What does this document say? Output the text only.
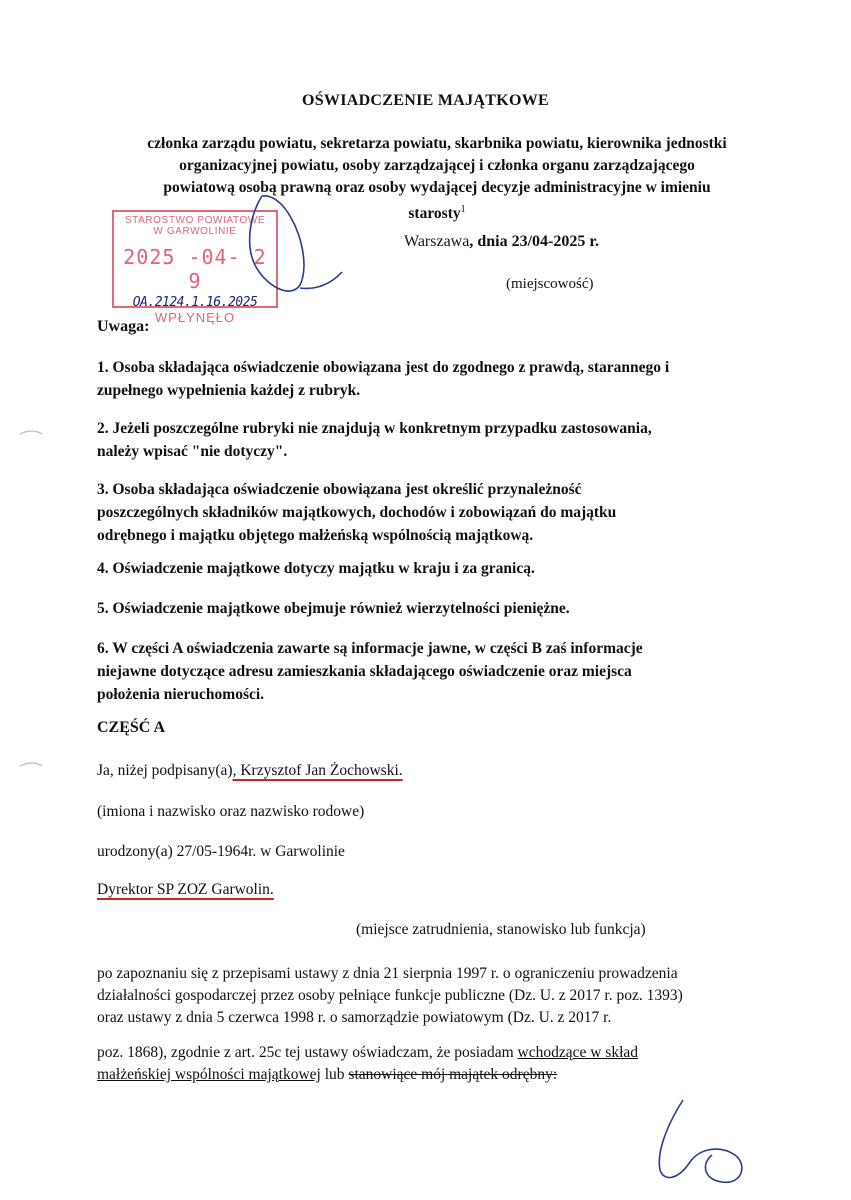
OŚWIADCZENIE MAJĄTKOWE
członka zarządu powiatu, sekretarza powiatu, skarbnika powiatu, kierownika jednostki
organizacyjnej powiatu, osoby zarządzającej i członka organu zarządzającego
powiatową osobą prawną oraz osoby wydającej decyzje administracyjne w imieniu
starosty$^1$
Warszawa, dnia 23/04-2025 r.
(miejscowość)
STAROSTWO POWIATOWE
W GARWOLINIE
2025 -04- 2 9
OA.2124.1.16.2025
WPŁYNĘŁO
Uwaga:
1. Osoba składająca oświadczenie obowiązana jest do zgodnego z prawdą, starannego i
zupełnego wypełnienia każdej z rubryk.
2. Jeżeli poszczególne rubryki nie znajdują w konkretnym przypadku zastosowania,
należy wpisać "nie dotyczy".
3. Osoba składająca oświadczenie obowiązana jest określić przynależność
poszczególnych składników majątkowych, dochodów i zobowiązań do majątku
odrębnego i majątku objętego małżeńską wspólnością majątkową.
4. Oświadczenie majątkowe dotyczy majątku w kraju i za granicą.
5. Oświadczenie majątkowe obejmuje również wierzytelności pieniężne.
6. W części A oświadczenia zawarte są informacje jawne, w części B zaś informacje
niejawne dotyczące adresu zamieszkania składającego oświadczenie oraz miejsca
położenia nieruchomości.
CZĘŚĆ A
Ja, niżej podpisany(a), Krzysztof Jan Żochowski.
(imiona i nazwisko oraz nazwisko rodowe)
urodzony(a) 27/05-1964r. w Garwolinie
Dyrektor SP ZOZ Garwolin.
(miejsce zatrudnienia, stanowisko lub funkcja)
po zapoznaniu się z przepisami ustawy z dnia 21 sierpnia 1997 r. o ograniczeniu prowadzenia
działalności gospodarczej przez osoby pełniące funkcje publiczne (Dz. U. z 2017 r. poz. 1393)
oraz ustawy z dnia 5 czerwca 1998 r. o samorządzie powiatowym (Dz. U. z 2017 r.
poz. 1868), zgodnie z art. 25c tej ustawy oświadczam, że posiadam wchodzące w skład
małżeńskiej wspólności majątkowej lub stanowiące mój majątek odrębny:
